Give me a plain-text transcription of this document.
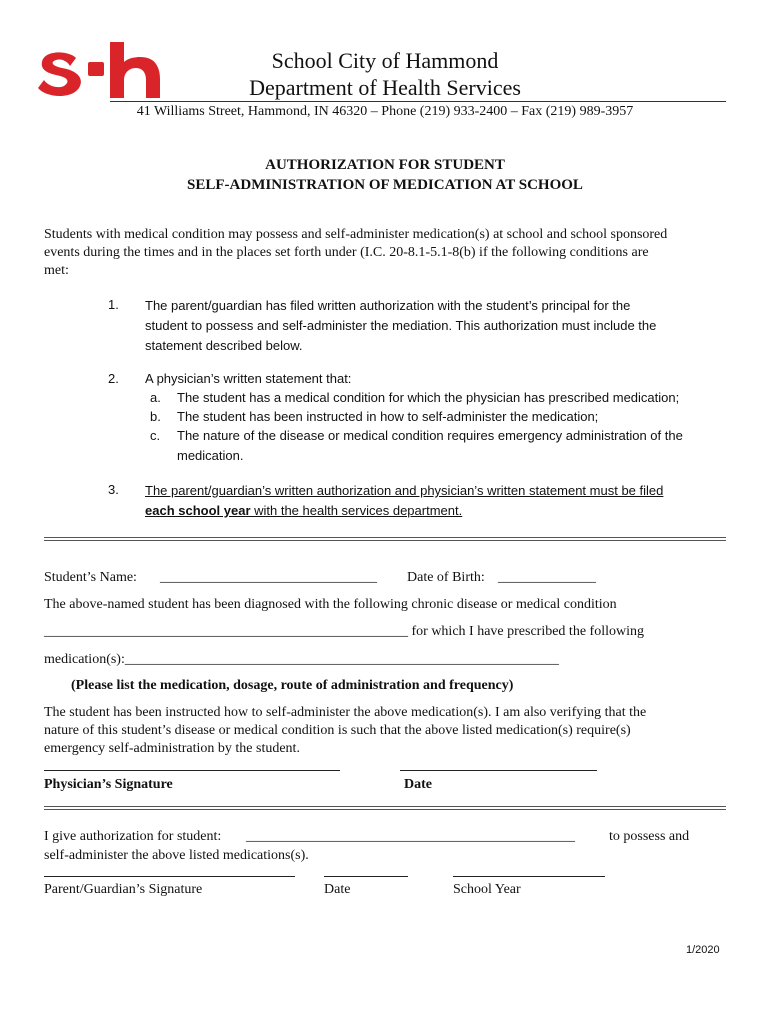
School City of Hammond
Department of Health Services
41 Williams Street, Hammond, IN 46320 – Phone (219) 933-2400 – Fax (219) 989-3957
AUTHORIZATION FOR STUDENT
SELF-ADMINISTRATION OF MEDICATION AT SCHOOL
Students with medical condition may possess and self-administer medication(s) at school and school sponsored
events during the times and in the places set forth under (I.C. 20-8.1-5.1-8(b) if the following conditions are
met:
1. The parent/guardian has filed written authorization with the student’s principal for the
student to possess and self-administer the mediation. This authorization must include the
statement described below.
2. A physician’s written statement that:
a. The student has a medical condition for which the physician has prescribed medication;
b. The student has been instructed in how to self-administer the medication;
c. The nature of the disease or medical condition requires emergency administration of the
medication.
3. The parent/guardian’s written authorization and physician’s written statement must be filed
each school year with the health services department.
Student’s Name: _______________________________ Date of Birth: ______________
The above-named student has been diagnosed with the following chronic disease or medical condition
____________________________________________________ for which I have prescribed the following
medication(s):______________________________________________________________
(Please list the medication, dosage, route of administration and frequency)
The student has been instructed how to self-administer the above medication(s). I am also verifying that the
nature of this student’s disease or medical condition is such that the above listed medication(s) require(s)
emergency self-administration by the student.
Physician’s Signature	Date
I give authorization for student: _______________________________________________ to possess and
self-administer the above listed medications(s).
Parent/Guardian’s Signature	Date	School Year
1/2020
